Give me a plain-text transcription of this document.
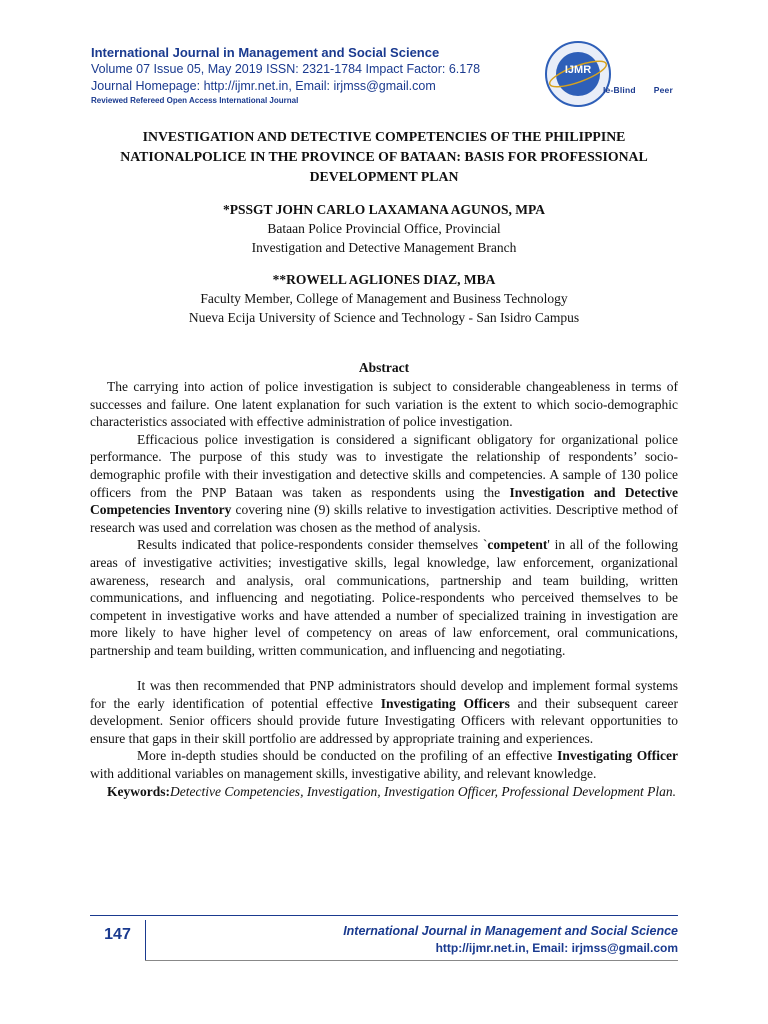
International Journal in Management and Social Science
Volume 07 Issue 05, May 2019 ISSN: 2321-1784 Impact Factor: 6.178
Journal Homepage: http://ijmr.net.in, Email: irjmss@gmail.com
Reviewed Refereed Open Access International Journal
IJMR
le-Blind Peer
INVESTIGATION AND DETECTIVE COMPETENCIES OF THE PHILIPPINE NATIONALPOLICE IN THE PROVINCE OF BATAAN: BASIS FOR PROFESSIONAL DEVELOPMENT PLAN
*PSSGT JOHN CARLO LAXAMANA AGUNOS, MPA
Bataan Police Provincial Office, Provincial
Investigation and Detective Management Branch
**ROWELL AGLIONES DIAZ, MBA
Faculty Member, College of Management and Business Technology
Nueva Ecija University of Science and Technology - San Isidro Campus
Abstract

The carrying into action of police investigation is subject to considerable changeableness in terms of successes and failure. One latent explanation for such variation is the extent to which socio-demographic characteristics associated with effective administration of police investigation.

Efficacious police investigation is considered a significant obligatory for organizational police performance. The purpose of this study was to investigate the relationship of respondents’ socio-demographic profile with their investigation and detective skills and competencies. A sample of 130 police officers from the PNP Bataan was taken as respondents using the Investigation and Detective Competencies Inventory covering nine (9) skills relative to investigation activities. Descriptive method of research was used and correlation was chosen as the method of analysis.

Results indicated that police-respondents consider themselves `competent' in all of the following areas of investigative activities; investigative skills, legal knowledge, law enforcement, organizational awareness, research and analysis, oral communications, partnership and team building, written communications, and influencing and negotiating. Police-respondents who perceived themselves to be competent in investigative works and have attended a number of specialized training in investigation are more likely to have higher level of competency on areas of law enforcement, oral communications, partnership and team building, written communication, and influencing and negotiating.

It was then recommended that PNP administrators should develop and implement formal systems for the early identification of potential effective Investigating Officers and their subsequent career development. Senior officers should provide future Investigating Officers with relevant opportunities to ensure that gaps in their skill portfolio are addressed by appropriate training and experiences.

More in-depth studies should be conducted on the profiling of an effective Investigating Officer with additional variables on management skills, investigative ability, and relevant knowledge.

Keywords:Detective Competencies, Investigation, Investigation Officer, Professional Development Plan.

147	International Journal in Management and Social Science
http://ijmr.net.in, Email: irjmss@gmail.com
